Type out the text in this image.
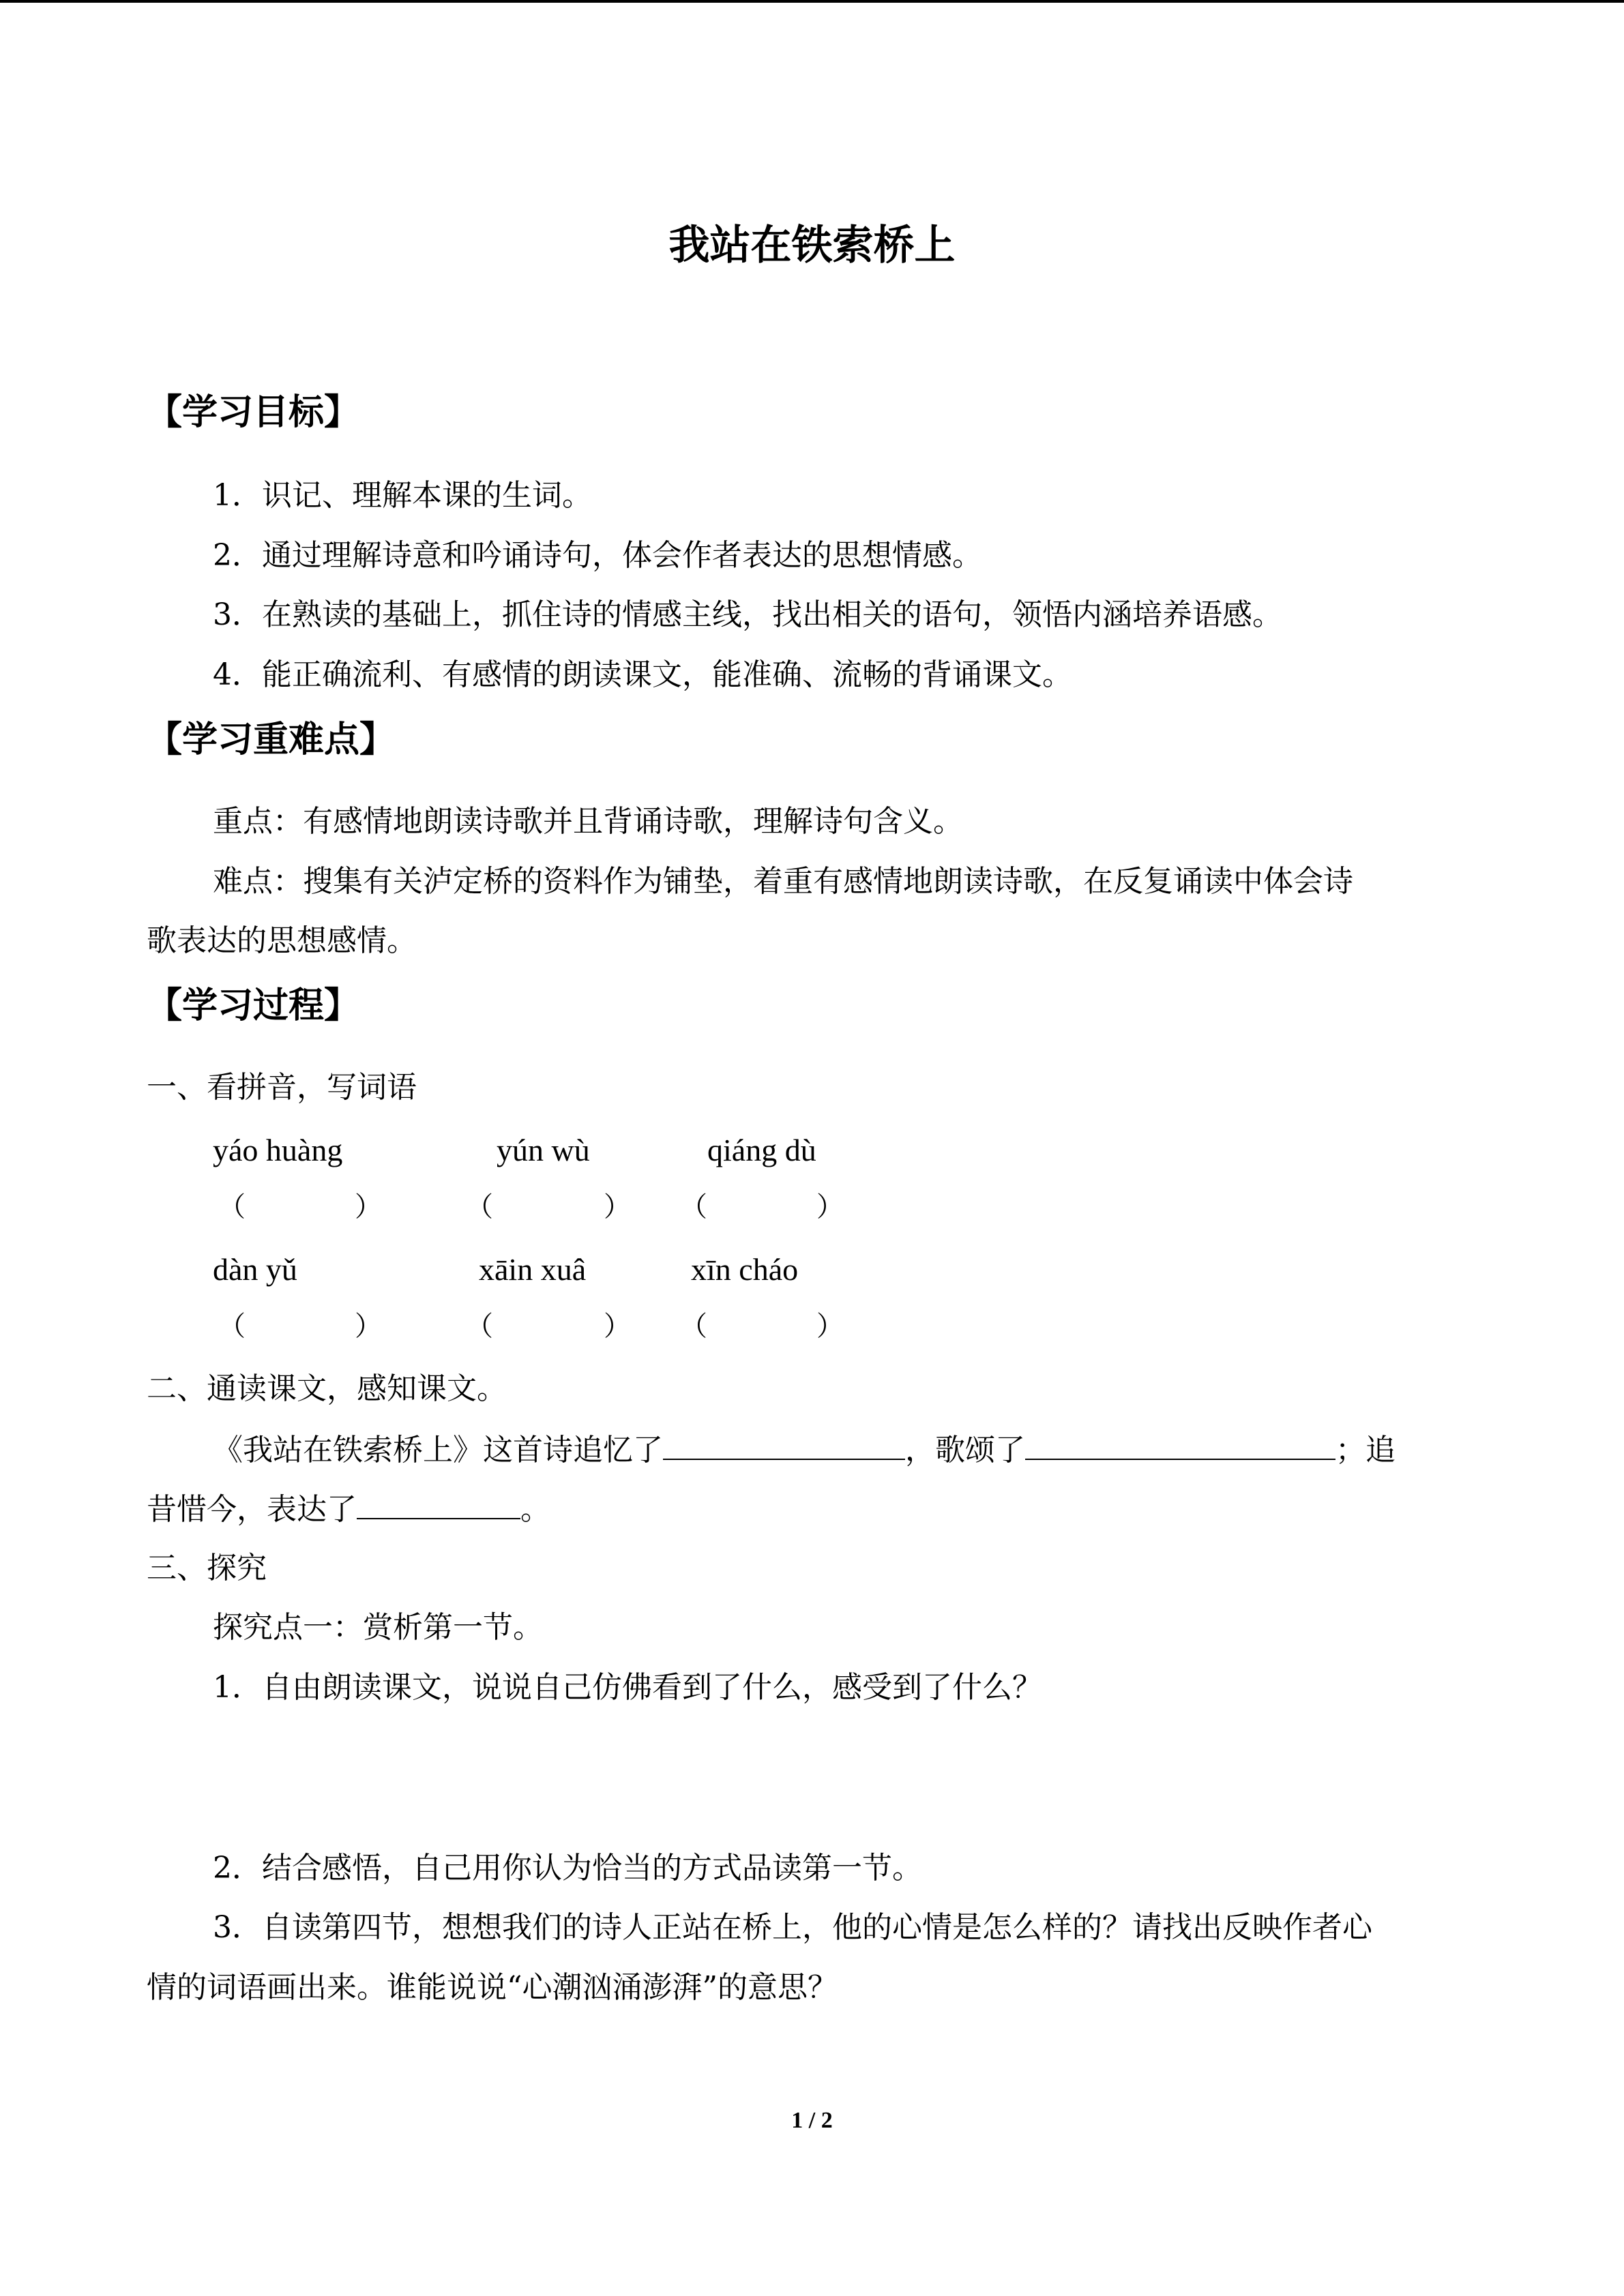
我站在铁索桥上
【学习目标】
1．识记、理解本课的生词。
2．通过理解诗意和吟诵诗句，体会作者表达的思想情感。
3．在熟读的基础上，抓住诗的情感主线，找出相关的语句，领悟内涵培养语感。
4．能正确流利、有感情的朗读课文，能准确、流畅的背诵课文。
【学习重难点】
重点：有感情地朗读诗歌并且背诵诗歌，理解诗句含义。
难点：搜集有关泸定桥的资料作为铺垫，着重有感情地朗读诗歌，在反复诵读中体会诗
歌表达的思想感情。
【学习过程】
一、看拼音，写词语
yáo huàng	yún wù	qiáng dù
（	）	（	） （	）
dàn yǔ	xāin xuâ	xīn cháo
（	）	（	） （	）
二、通读课文，感知课文。
《我站在铁索桥上》这首诗追忆了	，歌颂了	；追
昔惜今，表达了	。
三、探究
探究点一：赏析第一节。
1．自由朗读课文，说说自己仿佛看到了什么，感受到了什么？
2．结合感悟，自己用你认为恰当的方式品读第一节。
3．自读第四节，想想我们的诗人正站在桥上，他的心情是怎么样的？请找出反映作者心
情的词语画出来。谁能说说“心潮汹涌澎湃”的意思？
1 / 2
